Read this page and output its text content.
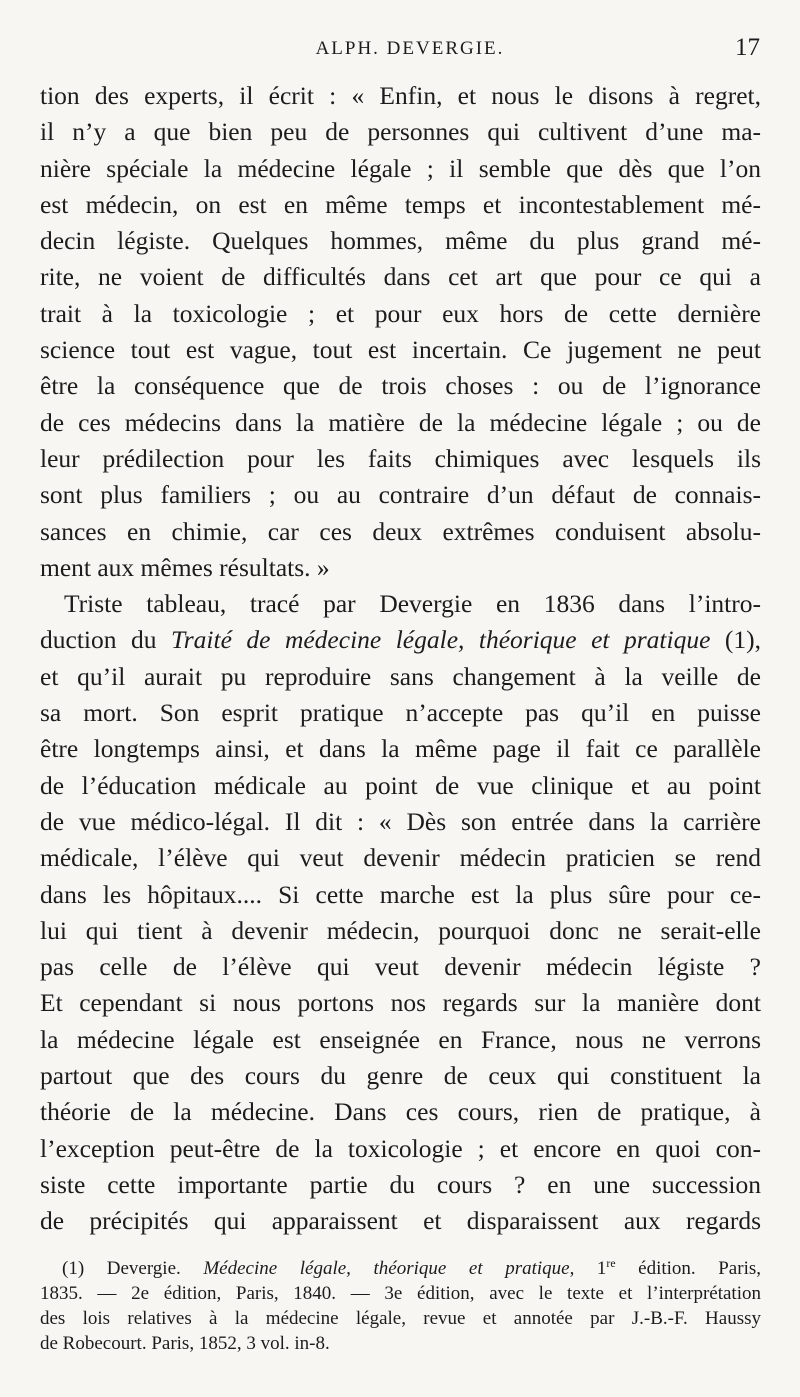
ALPH. DEVERGIE.	17
tion des experts, il écrit : « Enfin, et nous le disons à regret,
il n’y a que bien peu de personnes qui cultivent d’une ma-
nière spéciale la médecine légale ; il semble que dès que l’on
est médecin, on est en même temps et incontestablement mé-
decin légiste. Quelques hommes, même du plus grand mé-
rite, ne voient de difficultés dans cet art que pour ce qui a
trait à la toxicologie ; et pour eux hors de cette dernière
science tout est vague, tout est incertain. Ce jugement ne peut
être la conséquence que de trois choses : ou de l’ignorance
de ces médecins dans la matière de la médecine légale ; ou de
leur prédilection pour les faits chimiques avec lesquels ils
sont plus familiers ; ou au contraire d’un défaut de connais-
sances en chimie, car ces deux extrêmes conduisent absolu-
ment aux mêmes résultats. »
Triste tableau, tracé par Devergie en 1836 dans l’intro-
duction du Traité de médecine légale, théorique et pratique (1),
et qu’il aurait pu reproduire sans changement à la veille de
sa mort. Son esprit pratique n’accepte pas qu’il en puisse
être longtemps ainsi, et dans la même page il fait ce parallèle
de l’éducation médicale au point de vue clinique et au point
de vue médico-légal. Il dit : « Dès son entrée dans la carrière
médicale, l’élève qui veut devenir médecin praticien se rend
dans les hôpitaux.... Si cette marche est la plus sûre pour ce-
lui qui tient à devenir médecin, pourquoi donc ne serait-elle
pas celle de l’élève qui veut devenir médecin légiste ?
Et cependant si nous portons nos regards sur la manière dont
la médecine légale est enseignée en France, nous ne verrons
partout que des cours du genre de ceux qui constituent la
théorie de la médecine. Dans ces cours, rien de pratique, à
l’exception peut-être de la toxicologie ; et encore en quoi con-
siste cette importante partie du cours ? en une succession
de précipités qui apparaissent et disparaissent aux regards
(1) Devergie. Médecine légale, théorique et pratique, 1re édition. Paris,
1835. — 2e édition, Paris, 1840. — 3e édition, avec le texte et l’interprétation
des lois relatives à la médecine légale, revue et annotée par J.-B.-F. Haussy
de Robecourt. Paris, 1852, 3 vol. in-8.
